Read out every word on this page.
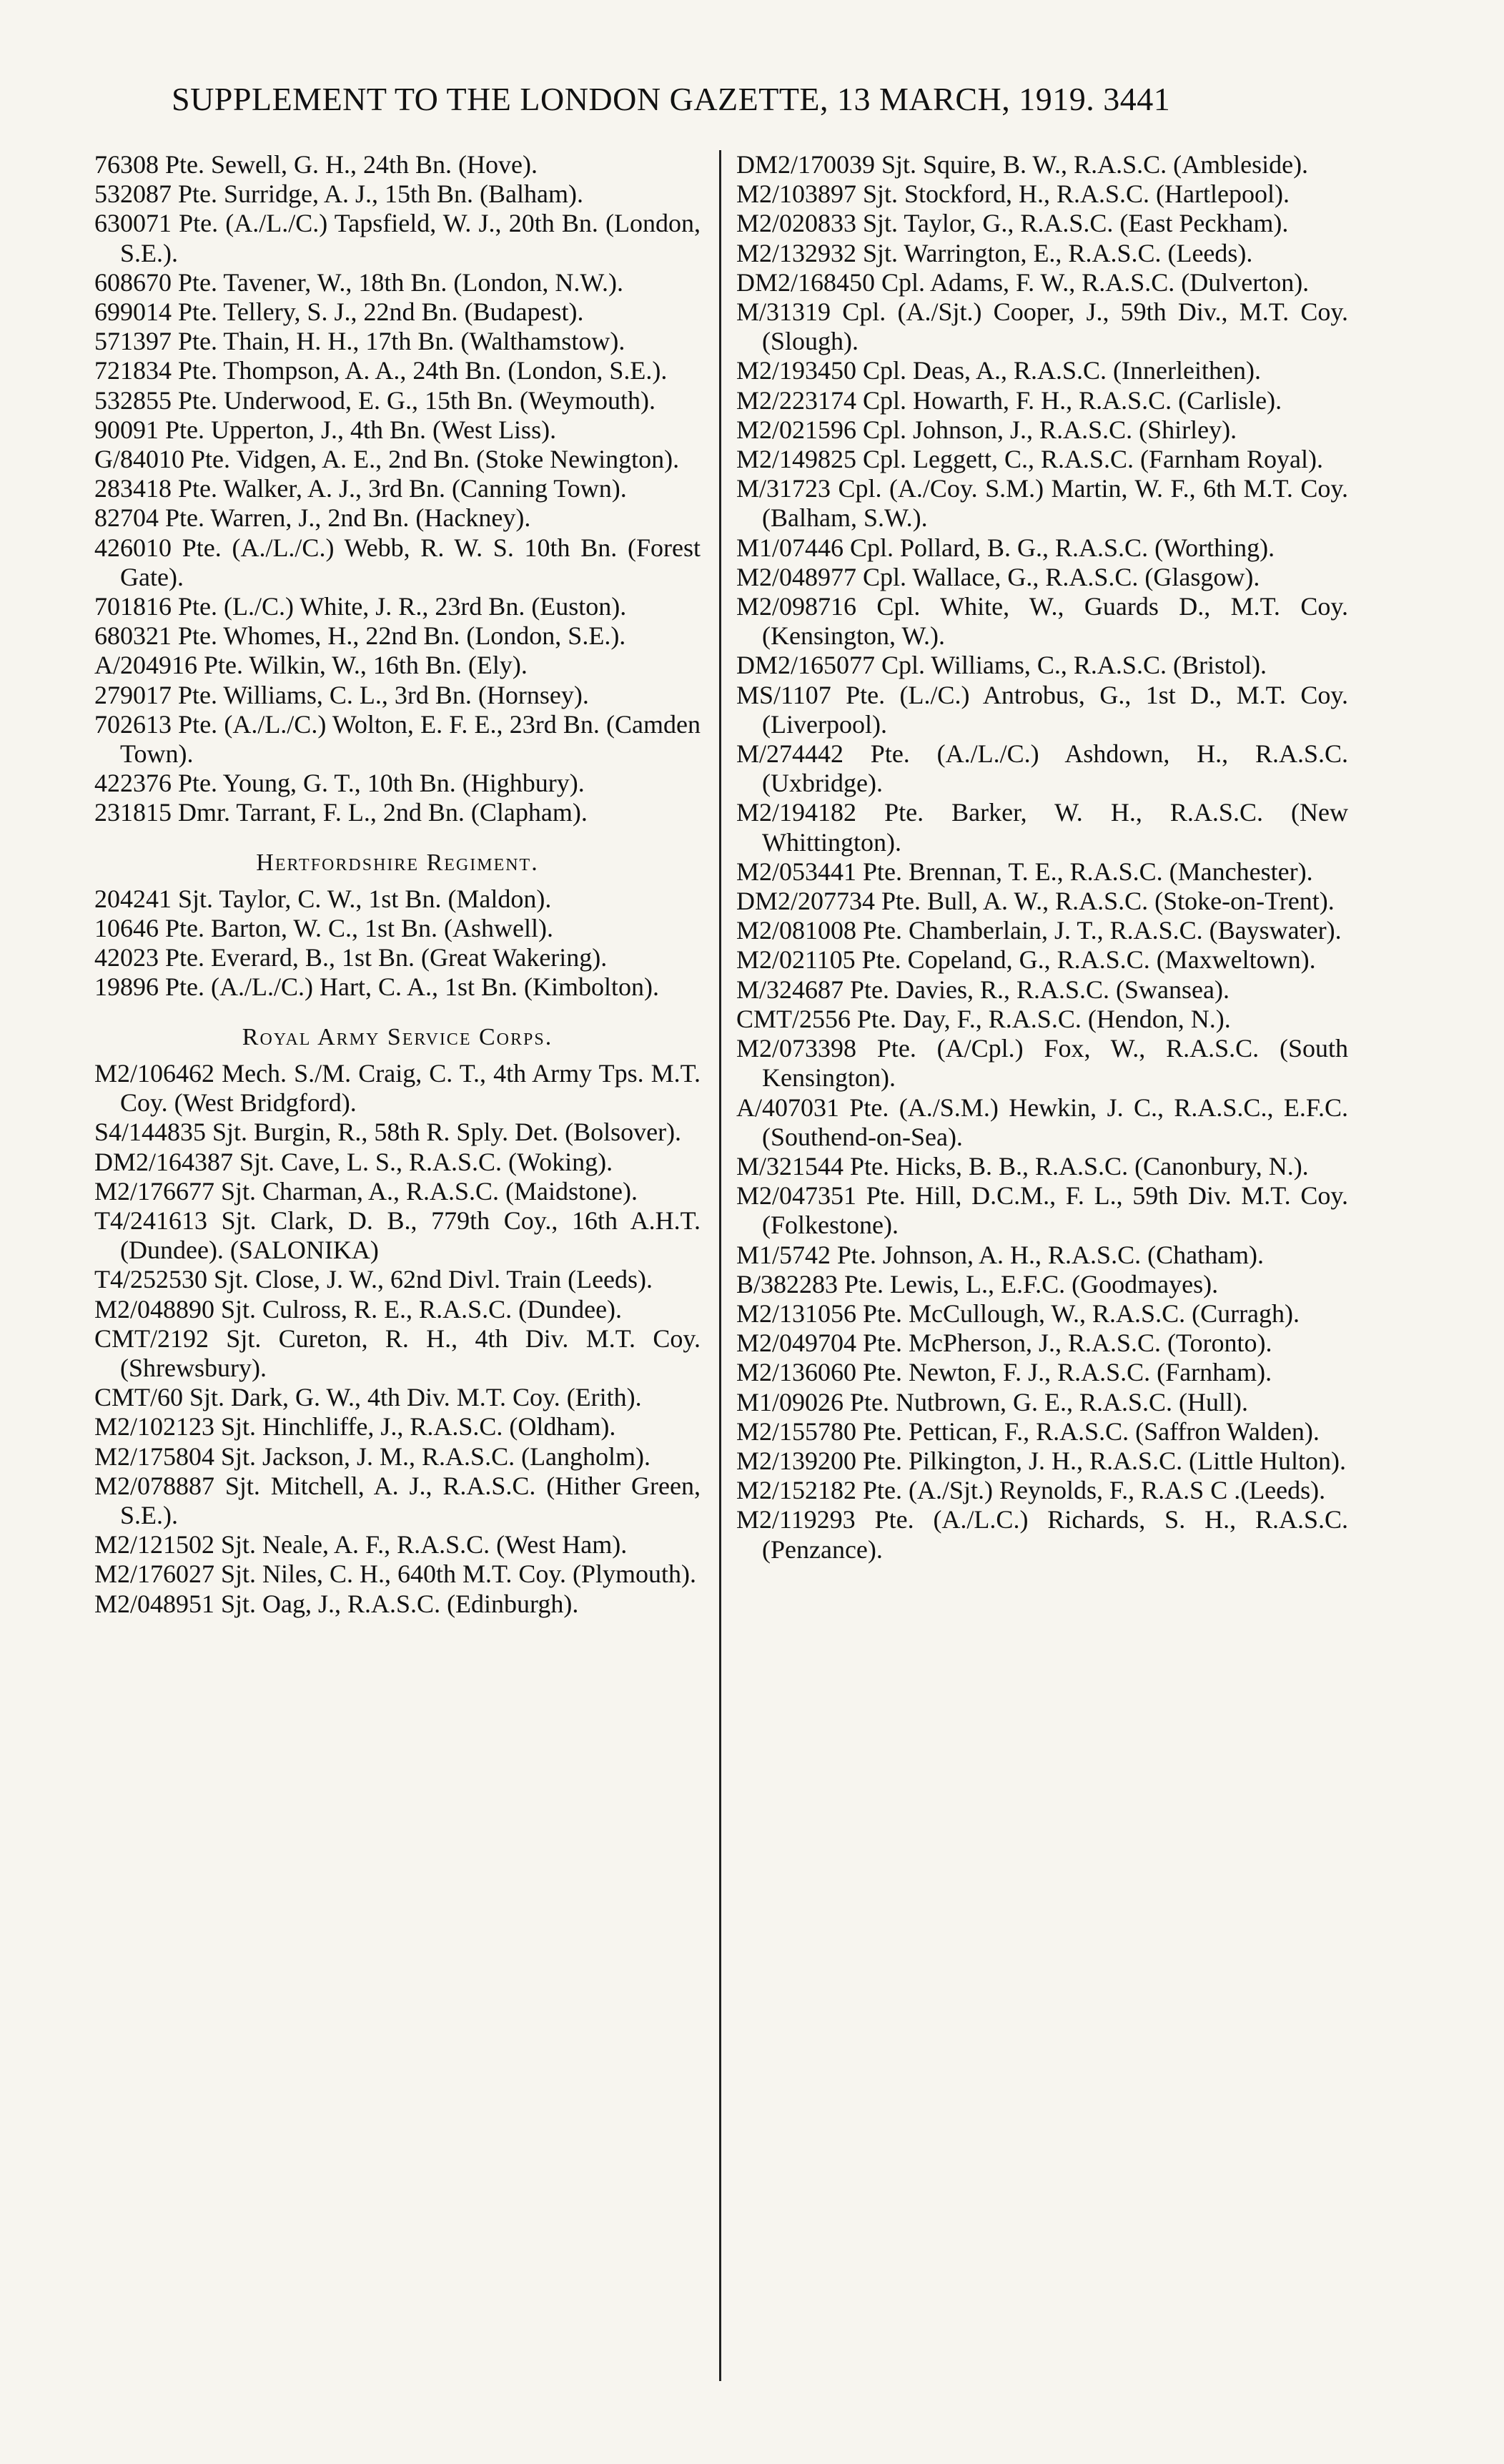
SUPPLEMENT TO THE LONDON GAZETTE, 13 MARCH, 1919. 3441
76308 Pte. Sewell, G. H., 24th Bn. (Hove).
532087 Pte. Surridge, A. J., 15th Bn. (Balham).
630071 Pte. (A./L./C.) Tapsfield, W. J., 20th Bn. (London, S.E.).
608670 Pte. Tavener, W., 18th Bn. (London, N.W.).
699014 Pte. Tellery, S. J., 22nd Bn. (Budapest).
571397 Pte. Thain, H. H., 17th Bn. (Walthamstow).
721834 Pte. Thompson, A. A., 24th Bn. (London, S.E.).
532855 Pte. Underwood, E. G., 15th Bn. (Weymouth).
90091 Pte. Upperton, J., 4th Bn. (West Liss).
G/84010 Pte. Vidgen, A. E., 2nd Bn. (Stoke Newington).
283418 Pte. Walker, A. J., 3rd Bn. (Canning Town).
82704 Pte. Warren, J., 2nd Bn. (Hackney).
426010 Pte. (A./L./C.) Webb, R. W. S. 10th Bn. (Forest Gate).
701816 Pte. (L./C.) White, J. R., 23rd Bn. (Euston).
680321 Pte. Whomes, H., 22nd Bn. (London, S.E.).
A/204916 Pte. Wilkin, W., 16th Bn. (Ely).
279017 Pte. Williams, C. L., 3rd Bn. (Hornsey).
702613 Pte. (A./L./C.) Wolton, E. F. E., 23rd Bn. (Camden Town).
422376 Pte. Young, G. T., 10th Bn. (Highbury).
231815 Dmr. Tarrant, F. L., 2nd Bn. (Clapham).
Hertfordshire Regiment.
204241 Sjt. Taylor, C. W., 1st Bn. (Maldon).
10646 Pte. Barton, W. C., 1st Bn. (Ashwell).
42023 Pte. Everard, B., 1st Bn. (Great Wakering).
19896 Pte. (A./L./C.) Hart, C. A., 1st Bn. (Kimbolton).
Royal Army Service Corps.
M2/106462 Mech. S./M. Craig, C. T., 4th Army Tps. M.T. Coy. (West Bridgford).
S4/144835 Sjt. Burgin, R., 58th R. Sply. Det. (Bolsover).
DM2/164387 Sjt. Cave, L. S., R.A.S.C. (Woking).
M2/176677 Sjt. Charman, A., R.A.S.C. (Maidstone).
T4/241613 Sjt. Clark, D. B., 779th Coy., 16th A.H.T. (Dundee). (SALONIKA)
T4/252530 Sjt. Close, J. W., 62nd Divl. Train (Leeds).
M2/048890 Sjt. Culross, R. E., R.A.S.C. (Dundee).
CMT/2192 Sjt. Cureton, R. H., 4th Div. M.T. Coy. (Shrewsbury).
CMT/60 Sjt. Dark, G. W., 4th Div. M.T. Coy. (Erith).
M2/102123 Sjt. Hinchliffe, J., R.A.S.C. (Oldham).
M2/175804 Sjt. Jackson, J. M., R.A.S.C. (Langholm).
M2/078887 Sjt. Mitchell, A. J., R.A.S.C. (Hither Green, S.E.).
M2/121502 Sjt. Neale, A. F., R.A.S.C. (West Ham).
M2/176027 Sjt. Niles, C. H., 640th M.T. Coy. (Plymouth).
M2/048951 Sjt. Oag, J., R.A.S.C. (Edinburgh).
DM2/170039 Sjt. Squire, B. W., R.A.S.C. (Ambleside).
M2/103897 Sjt. Stockford, H., R.A.S.C. (Hartlepool).
M2/020833 Sjt. Taylor, G., R.A.S.C. (East Peckham).
M2/132932 Sjt. Warrington, E., R.A.S.C. (Leeds).
DM2/168450 Cpl. Adams, F. W., R.A.S.C. (Dulverton).
M/31319 Cpl. (A./Sjt.) Cooper, J., 59th Div., M.T. Coy. (Slough).
M2/193450 Cpl. Deas, A., R.A.S.C. (Innerleithen).
M2/223174 Cpl. Howarth, F. H., R.A.S.C. (Carlisle).
M2/021596 Cpl. Johnson, J., R.A.S.C. (Shirley).
M2/149825 Cpl. Leggett, C., R.A.S.C. (Farnham Royal).
M/31723 Cpl. (A./Coy. S.M.) Martin, W. F., 6th M.T. Coy. (Balham, S.W.).
M1/07446 Cpl. Pollard, B. G., R.A.S.C. (Worthing).
M2/048977 Cpl. Wallace, G., R.A.S.C. (Glasgow).
M2/098716 Cpl. White, W., Guards D., M.T. Coy. (Kensington, W.).
DM2/165077 Cpl. Williams, C., R.A.S.C. (Bristol).
MS/1107 Pte. (L./C.) Antrobus, G., 1st D., M.T. Coy. (Liverpool).
M/274442 Pte. (A./L./C.) Ashdown, H., R.A.S.C. (Uxbridge).
M2/194182 Pte. Barker, W. H., R.A.S.C. (New Whittington).
M2/053441 Pte. Brennan, T. E., R.A.S.C. (Manchester).
DM2/207734 Pte. Bull, A. W., R.A.S.C. (Stoke-on-Trent).
M2/081008 Pte. Chamberlain, J. T., R.A.S.C. (Bayswater).
M2/021105 Pte. Copeland, G., R.A.S.C. (Maxweltown).
M/324687 Pte. Davies, R., R.A.S.C. (Swansea).
CMT/2556 Pte. Day, F., R.A.S.C. (Hendon, N.).
M2/073398 Pte. (A/Cpl.) Fox, W., R.A.S.C. (South Kensington).
A/407031 Pte. (A./S.M.) Hewkin, J. C., R.A.S.C., E.F.C. (Southend-on-Sea).
M/321544 Pte. Hicks, B. B., R.A.S.C. (Canonbury, N.).
M2/047351 Pte. Hill, D.C.M., F. L., 59th Div. M.T. Coy. (Folkestone).
M1/5742 Pte. Johnson, A. H., R.A.S.C. (Chatham).
B/382283 Pte. Lewis, L., E.F.C. (Goodmayes).
M2/131056 Pte. McCullough, W., R.A.S.C. (Curragh).
M2/049704 Pte. McPherson, J., R.A.S.C. (Toronto).
M2/136060 Pte. Newton, F. J., R.A.S.C. (Farnham).
M1/09026 Pte. Nutbrown, G. E., R.A.S.C. (Hull).
M2/155780 Pte. Pettican, F., R.A.S.C. (Saffron Walden).
M2/139200 Pte. Pilkington, J. H., R.A.S.C. (Little Hulton).
M2/152182 Pte. (A./Sjt.) Reynolds, F., R.A.S C .(Leeds).
M2/119293 Pte. (A./L.C.) Richards, S. H., R.A.S.C. (Penzance).
